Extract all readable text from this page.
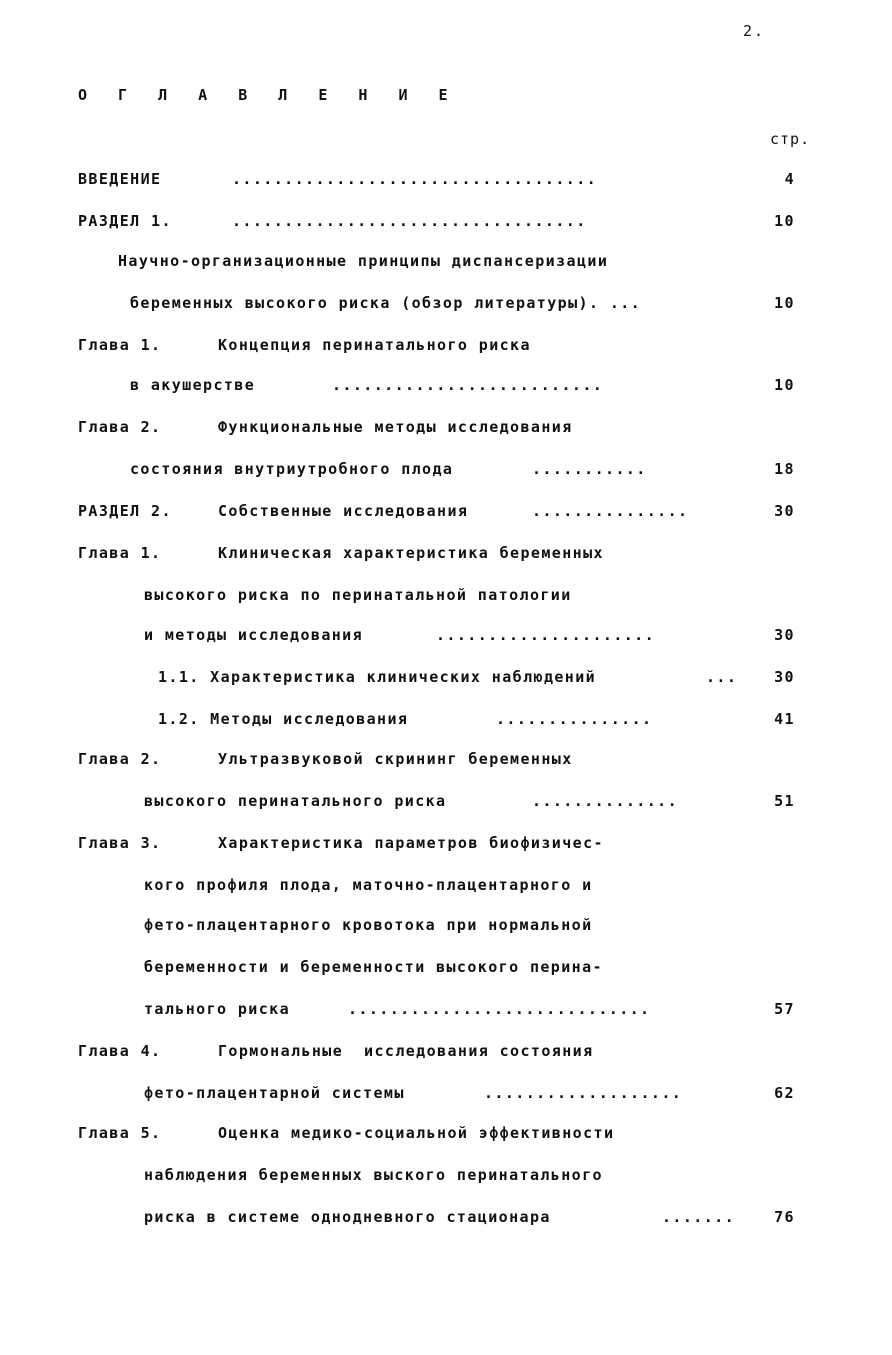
2.
О Г Л А В Л Е Н И Е
стр.
ВВЕДЕНИЕ	...................................	4
РАЗДЕЛ 1.	..................................	10
Научно-организационные принципы диспансеризации
беременных высокого риска (обзор литературы). ...	10
Глава 1.	Концепция перинатального риска
в акушерстве	..........................	10
Глава 2.	Функциональные методы исследования
состояния внутриутробного плода	...........	18
РАЗДЕЛ 2.	Собственные исследования	...............	30
Глава 1.	Клиническая характеристика беременных
высокого риска по перинатальной патологии
и методы исследования	.....................	30
1.1. Характеристика клинических наблюдений	...	30
1.2. Методы исследования	...............	41
Глава 2.	Ультразвуковой скрининг беременных
высокого перинатального риска	..............	51
Глава 3.	Характеристика параметров биофизичес-
кого профиля плода, маточно-плацентарного и
фето-плацентарного кровотока при нормальной
беременности и беременности высокого перина-
тального риска	.............................	57
Глава 4.	Гормональные  исследования состояния
фето-плацентарной системы	...................	62
Глава 5.	Оценка медико-социальной эффективности
наблюдения беременных выского перинатального
риска в системе однодневного стационара	.......	76
